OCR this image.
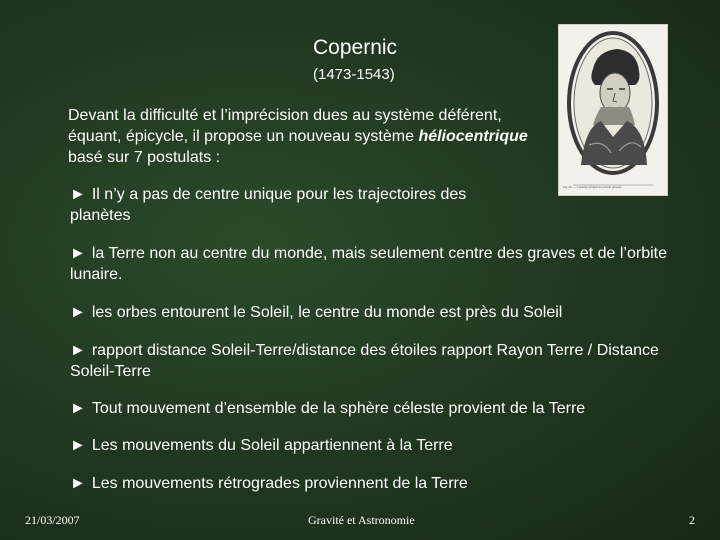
Copernic
(1473-1543)
Devant la difficulté et l’imprécision dues au système déférent, équant, épicycle, il propose un nouveau système héliocentrique basé sur 7 postulats :
► Il n’y a pas de centre unique pour les trajectoires des planètes
► la Terre non au centre du monde, mais seulement centre des graves et de l’orbite lunaire.
► les orbes entourent le Soleil, le centre du monde est près du Soleil
► rapport distance Soleil-Terre/distance des étoiles rapport Rayon Terre / Distance Soleil-Terre
► Tout mouvement d’ensemble de la sphère céleste provient de la Terre
► Les mouvements du Soleil appartiennent à la Terre
► Les mouvements rétrogrades proviennent de la Terre
Fig. 26. — Copernic (d'après un portrait ancien).
21/03/2007	Gravité et Astronomie	2
